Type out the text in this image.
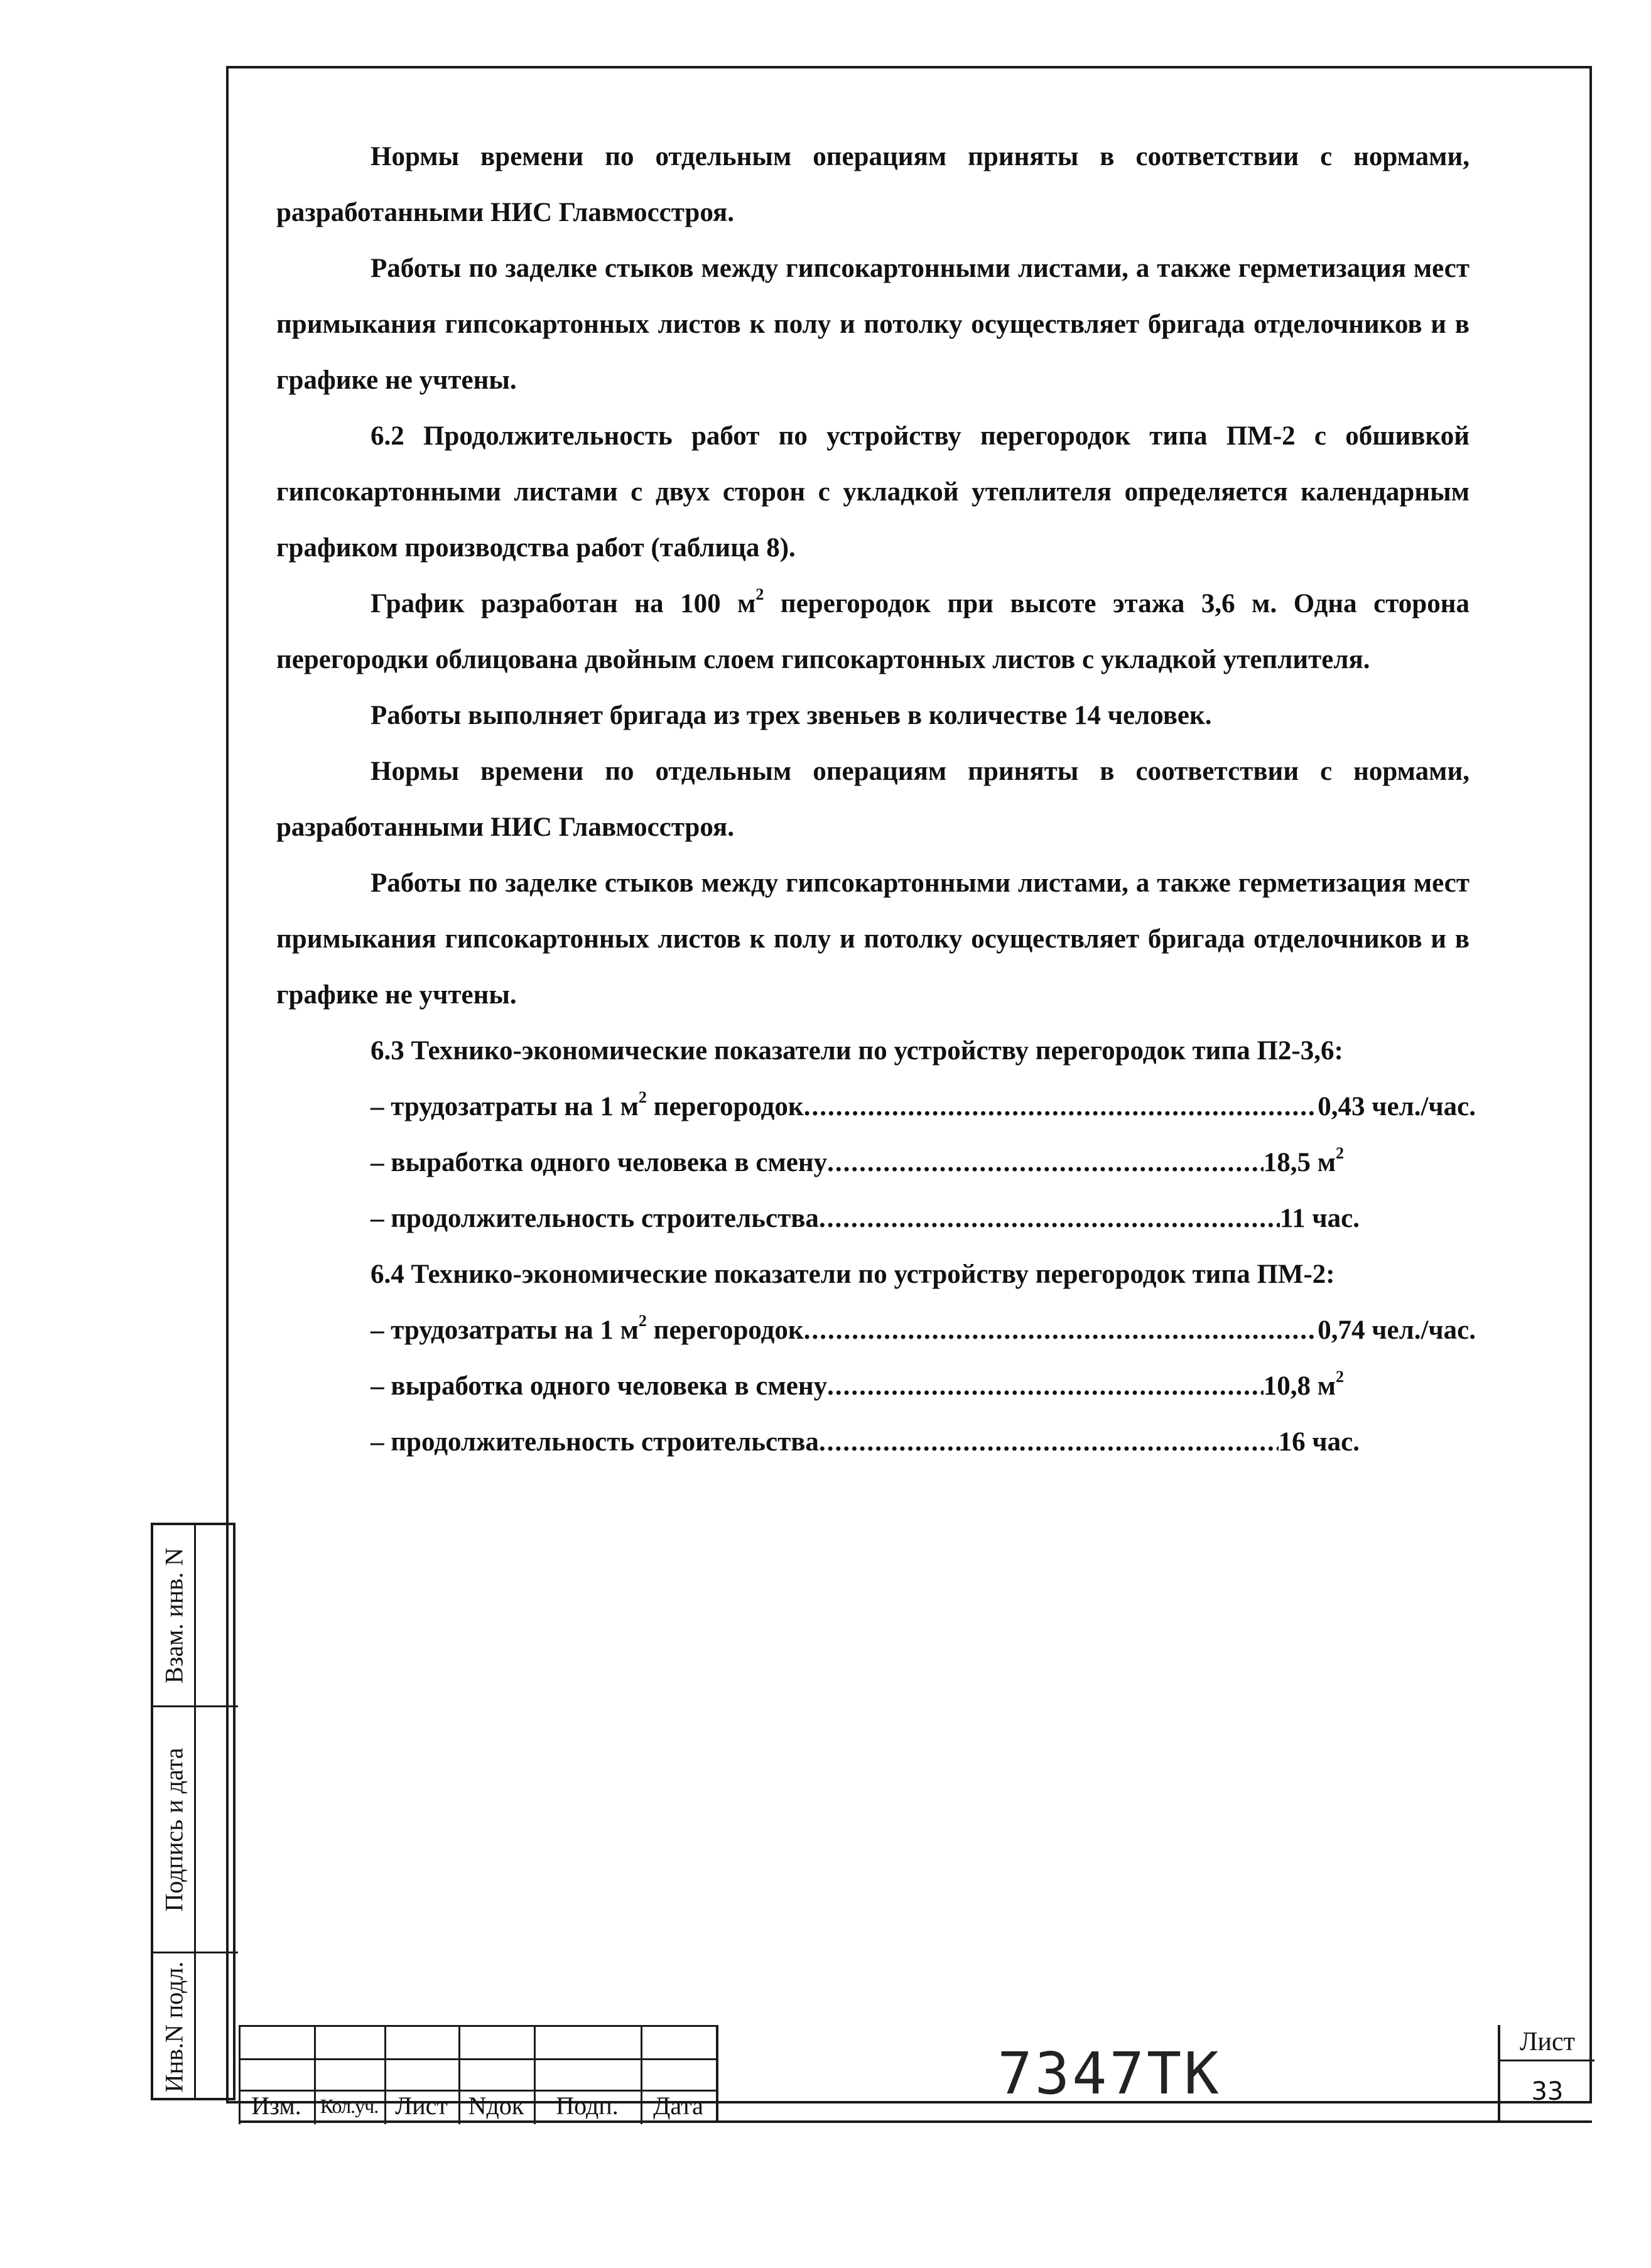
Нормы времени по отдельным операциям приняты в соответствии с нормами, разработанными НИС Главмосстроя.

Работы по заделке стыков между гипсокартонными листами, а также герметизация мест примыкания гипсокартонных листов к полу и потолку осуществляет бригада отделочников и в графике не учтены.

6.2 Продолжительность работ по устройству перегородок типа ПМ-2 с обшивкой гипсокартонными листами с двух сторон с укладкой утеплителя определяется календарным графиком производства работ (таблица 8).

График разработан на 100 $м^2$ перегородок при высоте этажа 3,6 м. Одна сторона перегородки облицована двойным слоем гипсокартонных листов с укладкой утеплителя.

Работы выполняет бригада из трех звеньев в количестве 14 человек.

Нормы времени по отдельным операциям приняты в соответствии с нормами, разработанными НИС Главмосстроя.

Работы по заделке стыков между гипсокартонными листами, а также герметизация мест примыкания гипсокартонных листов к полу и потолку осуществляет бригада отделочников и в графике не учтены.

6.3 Технико-экономические показатели по устройству перегородок типа П2-3,6:

– трудозатраты на 1 $м^2$ перегородок .....	0,43 чел./час.
– выработка одного человека в смену .....	18,5 $м^2$
– продолжительность строительства .....	11 час.

6.4 Технико-экономические показатели по устройству перегородок типа ПМ-2:

– трудозатраты на 1 $м^2$ перегородок .....	0,74 чел./час.
– выработка одного человека в смену .....	10,8 $м^2$
– продолжительность строительства .....	16 час.
Взам. инв. N
Подпись и дата
Инв.N подл.
Изм. Кол.уч. Лист Nдок	Подп.	Дата	7347ТК	Лист
33
